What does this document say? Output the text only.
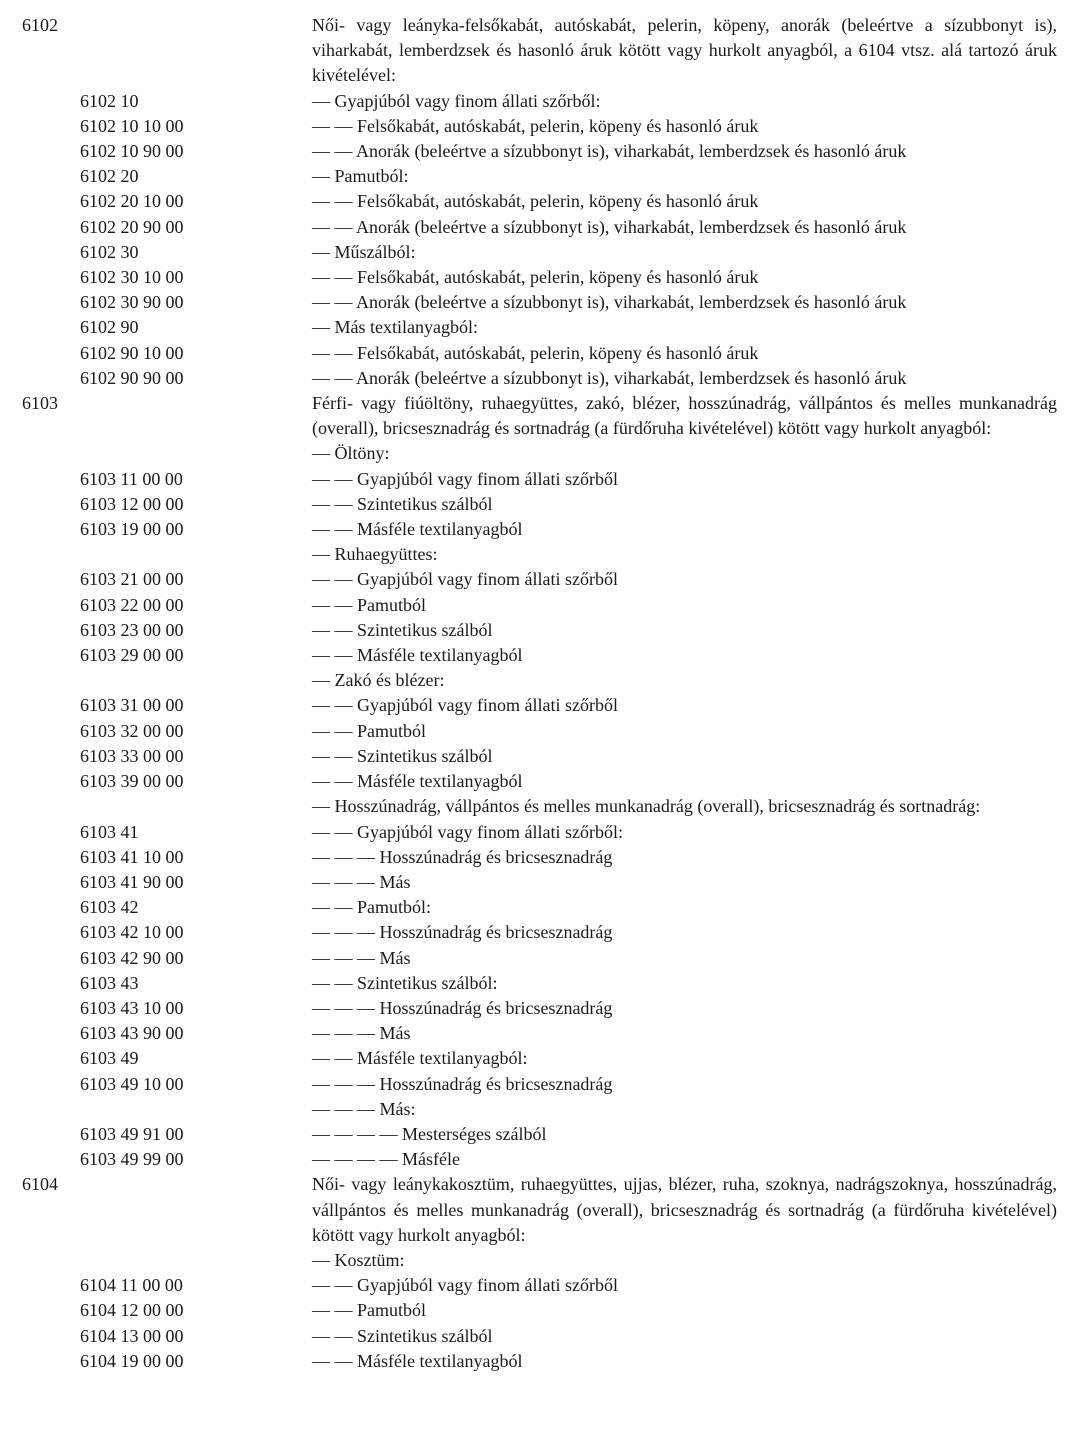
6102	Női- vagy leányka-felsőkabát, autóskabát, pelerin, köpeny, anorák (beleértve a sízubbonyt is), viharkabát, lemberdzsek és hasonló áruk kötött vagy hurkolt anyagból, a 6104 vtsz. alá tartozó áruk kivételével:
6102 10	— Gyapjúból vagy finom állati szőrből:
6102 10 10 00	— — Felsőkabát, autóskabát, pelerin, köpeny és hasonló áruk
6102 10 90 00	— — Anorák (beleértve a sízubbonyt is), viharkabát, lemberdzsek és hasonló áruk
6102 20	— Pamutból:
6102 20 10 00	— — Felsőkabát, autóskabát, pelerin, köpeny és hasonló áruk
6102 20 90 00	— — Anorák (beleértve a sízubbonyt is), viharkabát, lemberdzsek és hasonló áruk
6102 30	— Műszálból:
6102 30 10 00	— — Felsőkabát, autóskabát, pelerin, köpeny és hasonló áruk
6102 30 90 00	— — Anorák (beleértve a sízubbonyt is), viharkabát, lemberdzsek és hasonló áruk
6102 90	— Más textilanyagból:
6102 90 10 00	— — Felsőkabát, autóskabát, pelerin, köpeny és hasonló áruk
6102 90 90 00	— — Anorák (beleértve a sízubbonyt is), viharkabát, lemberdzsek és hasonló áruk
6103	Férfi- vagy fiúöltöny, ruhaegyüttes, zakó, blézer, hosszúnadrág, vállpántos és melles munkanadrág (overall), bricsesznadrág és sortnadrág (a fürdőruha kivételével) kötött vagy hurkolt anyagból:
— Öltöny:
6103 11 00 00	— — Gyapjúból vagy finom állati szőrből
6103 12 00 00	— — Szintetikus szálból
6103 19 00 00	— — Másféle textilanyagból
— Ruhaegyüttes:
6103 21 00 00	— — Gyapjúból vagy finom állati szőrből
6103 22 00 00	— — Pamutból
6103 23 00 00	— — Szintetikus szálból
6103 29 00 00	— — Másféle textilanyagból
— Zakó és blézer:
6103 31 00 00	— — Gyapjúból vagy finom állati szőrből
6103 32 00 00	— — Pamutból
6103 33 00 00	— — Szintetikus szálból
6103 39 00 00	— — Másféle textilanyagból
— Hosszúnadrág, vállpántos és melles munkanadrág (overall), bricsesznadrág és sortnadrág:
6103 41	— — Gyapjúból vagy finom állati szőrből:
6103 41 10 00	— — — Hosszúnadrág és bricsesznadrág
6103 41 90 00	— — — Más
6103 42	— — Pamutból:
6103 42 10 00	— — — Hosszúnadrág és bricsesznadrág
6103 42 90 00	— — — Más
6103 43	— — Szintetikus szálból:
6103 43 10 00	— — — Hosszúnadrág és bricsesznadrág
6103 43 90 00	— — — Más
6103 49	— — Másféle textilanyagból:
6103 49 10 00	— — — Hosszúnadrág és bricsesznadrág
— — — Más:
6103 49 91 00	— — — — Mesterséges szálból
6103 49 99 00	— — — — Másféle
6104	Női- vagy leánykakosztüm, ruhaegyüttes, ujjas, blézer, ruha, szoknya, nadrágszoknya, hosszúnadrág, vállpántos és melles munkanadrág (overall), bricsesznadrág és sortnadrág (a fürdőruha kivételével) kötött vagy hurkolt anyagból:
— Kosztüm:
6104 11 00 00	— — Gyapjúból vagy finom állati szőrből
6104 12 00 00	— — Pamutból
6104 13 00 00	— — Szintetikus szálból
6104 19 00 00	— — Másféle textilanyagból
